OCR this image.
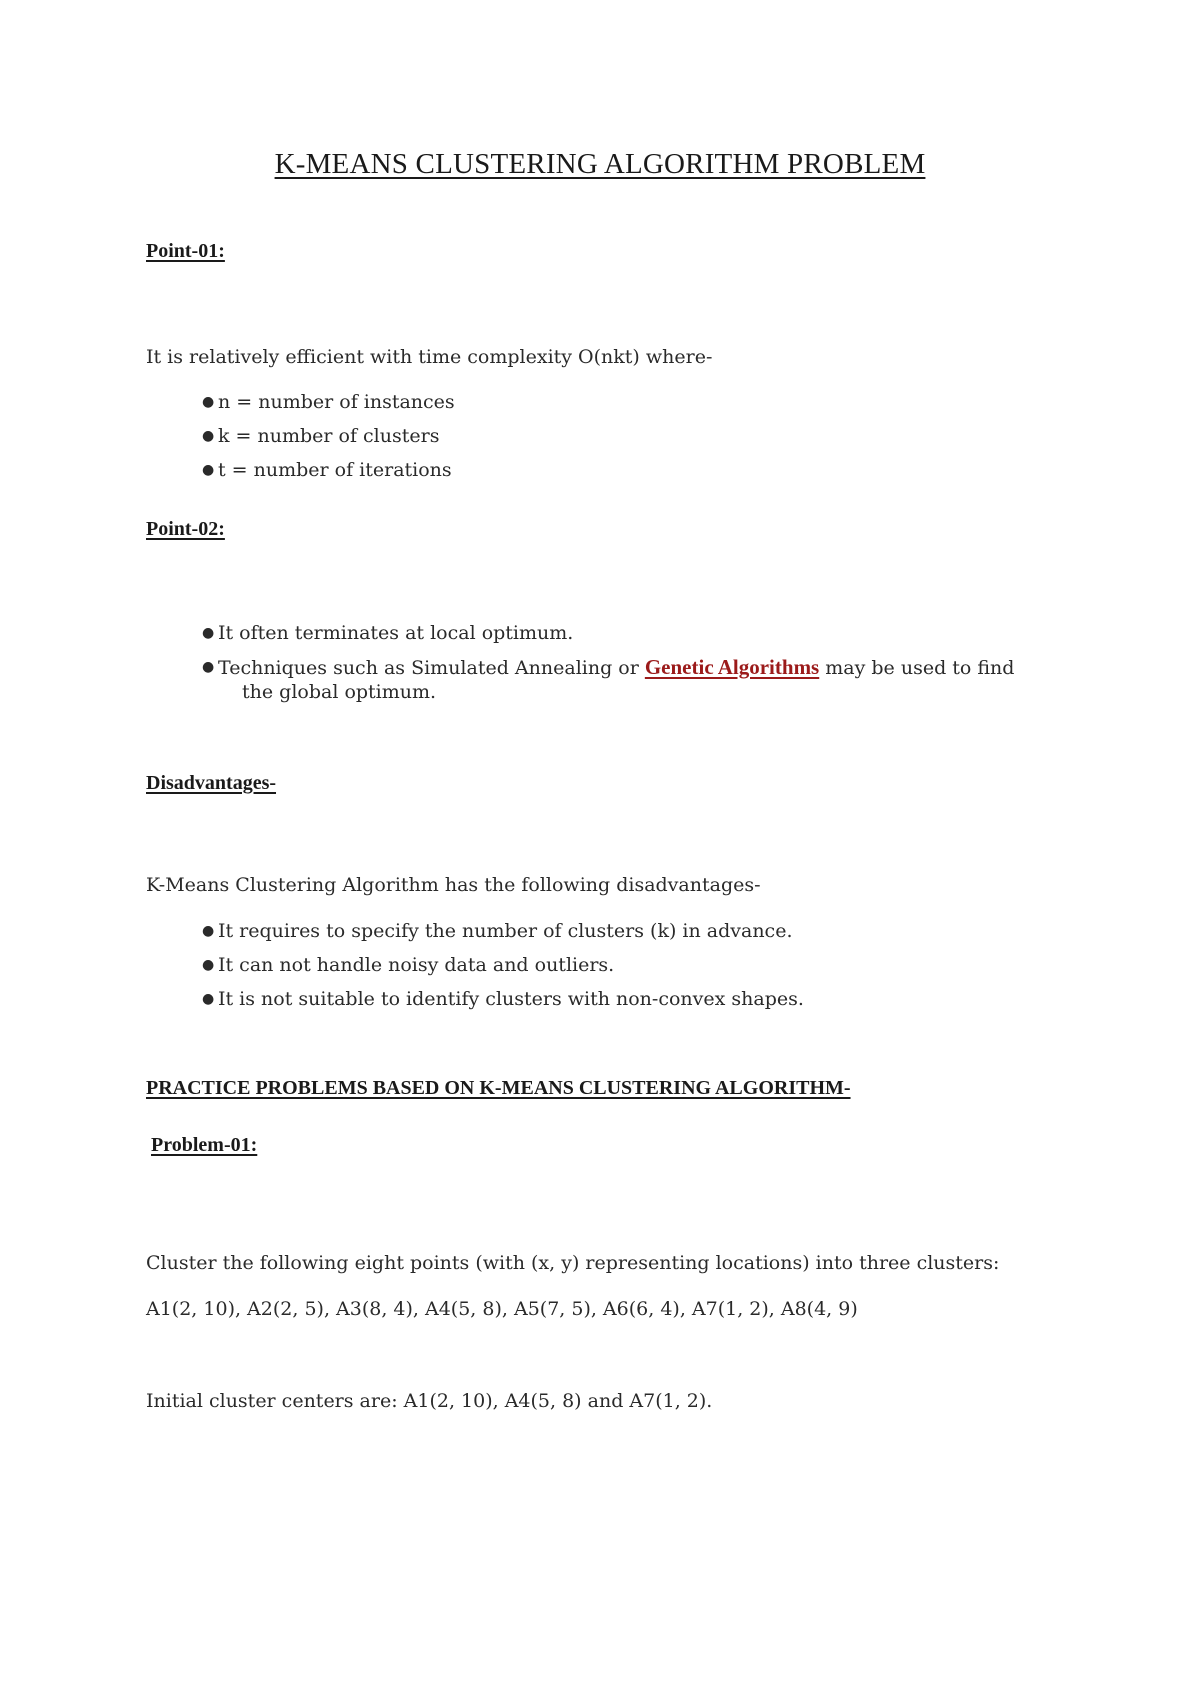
K-MEANS CLUSTERING ALGORITHM PROBLEM
Point-01:
It is relatively efficient with time complexity O(nkt) where-
● n = number of instances
● k = number of clusters
● t = number of iterations
Point-02:
● It often terminates at local optimum.
● Techniques such as Simulated Annealing or Genetic Algorithms may be used to find
the global optimum.
Disadvantages-
K-Means Clustering Algorithm has the following disadvantages-
● It requires to specify the number of clusters (k) in advance.
● It can not handle noisy data and outliers.
● It is not suitable to identify clusters with non-convex shapes.
PRACTICE PROBLEMS BASED ON K-MEANS CLUSTERING ALGORITHM-
Problem-01:
Cluster the following eight points (with (x, y) representing locations) into three clusters:
A1(2, 10), A2(2, 5), A3(8, 4), A4(5, 8), A5(7, 5), A6(6, 4), A7(1, 2), A8(4, 9)
Initial cluster centers are: A1(2, 10), A4(5, 8) and A7(1, 2).
